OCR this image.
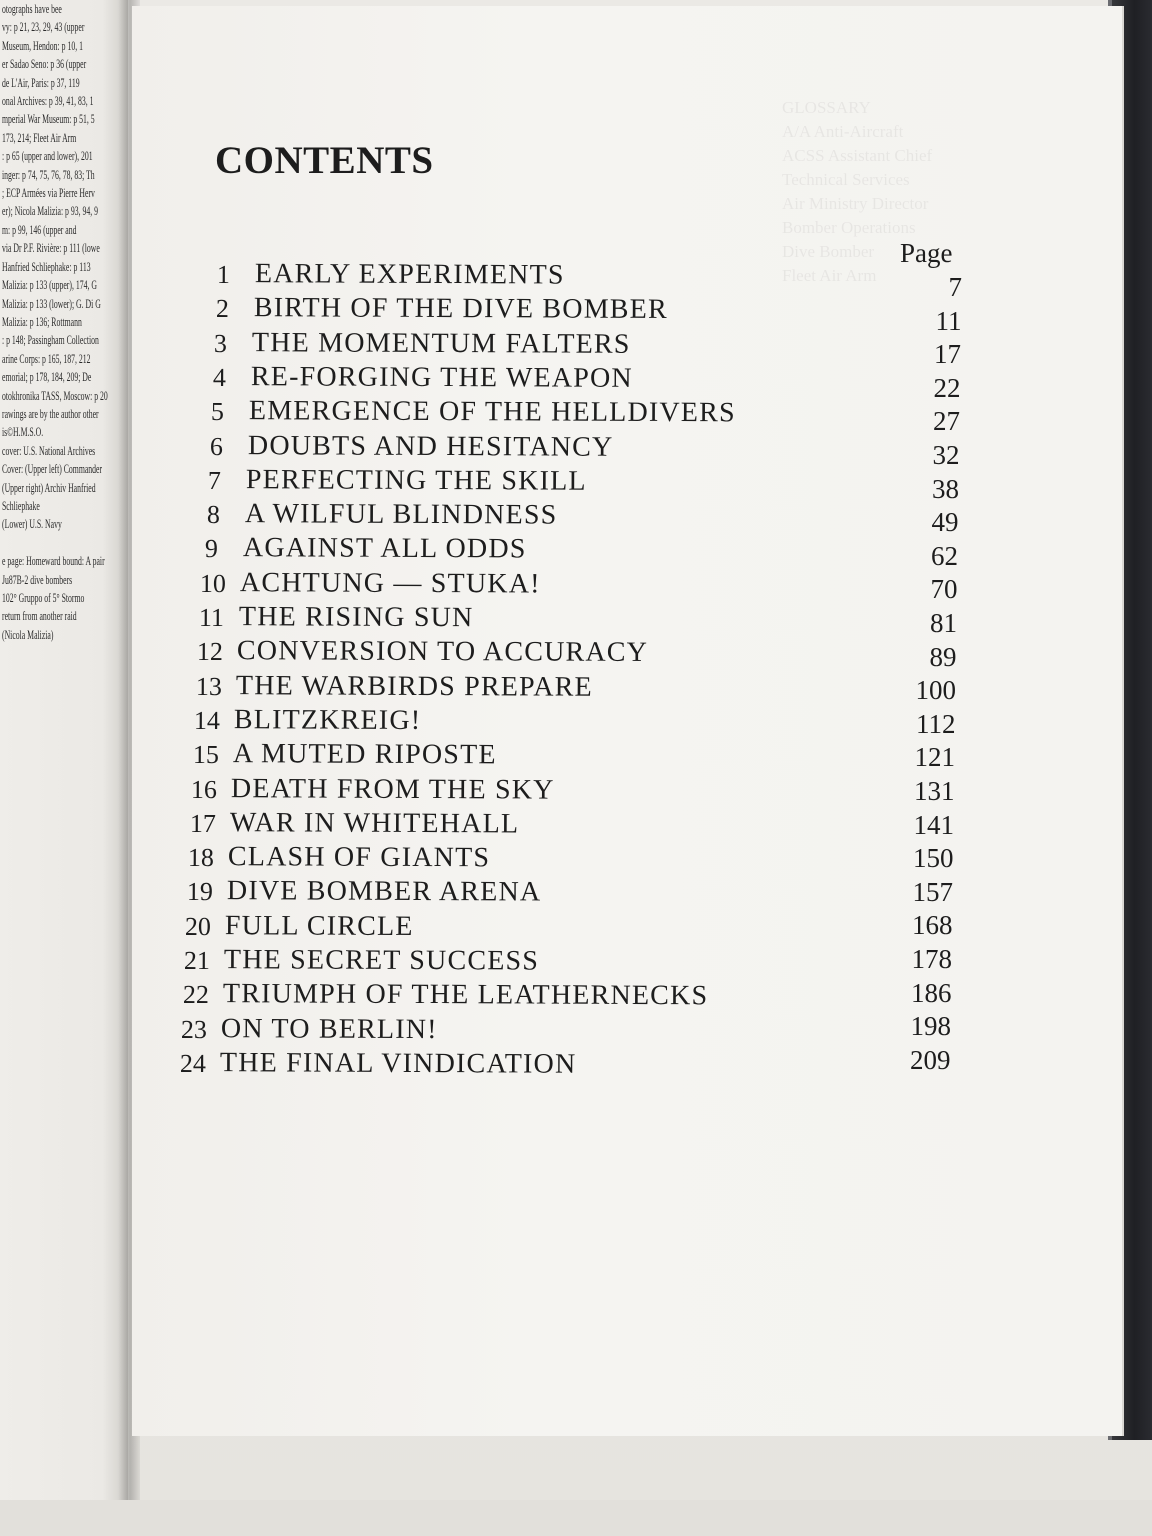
otographs have bee
vy: p 21, 23, 29, 43 (upper
Museum, Hendon: p 10, 1
er Sadao Seno: p 36 (upper
de L'Air, Paris: p 37, 119
onal Archives: p 39, 41, 83, 1
mperial War Museum: p 51, 5
173, 214; Fleet Air Arm
: p 65 (upper and lower), 201
inger: p 74, 75, 76, 78, 83; Th
; ECP Armées via Pierre Herv
er); Nicola Malizia: p 93, 94, 9
m: p 99, 146 (upper and
via Dr P.F. Rivière: p 111 (lowe
Hanfried Schliephake: p 113
Malizia: p 133 (upper), 174, G
Malizia: p 133 (lower); G. Di G
Malizia: p 136; Rottmann
: p 148; Passingham Collection
arine Corps: p 165, 187, 212
emorial; p 178, 184, 209; De
otokhronika TASS, Moscow: p 20
rawings are by the author other
is©H.M.S.O.
cover: U.S. National Archives
Cover: (Upper left) Commander
(Upper right) Archiv Hanfried
Schliephake
(Lower) U.S. Navy

e page: Homeward bound: A pair
Ju87B-2 dive bombers
102° Gruppo of 5° Stormo
return from another raid
(Nicola Malizia)
GLOSSARY
A/A Anti-Aircraft
ACSS Assistant Chief
Technical Services
Air Ministry Director
Bomber Operations
Dive Bomber
Fleet Air Arm
CONTENTS
Page
1 EARLY EXPERIMENTS	7
2 BIRTH OF THE DIVE BOMBER	11
3 THE MOMENTUM FALTERS	17
4 RE-FORGING THE WEAPON	22
5 EMERGENCE OF THE HELLDIVERS	27
6 DOUBTS AND HESITANCY	32
7 PERFECTING THE SKILL	38
8 A WILFUL BLINDNESS	49
9 AGAINST ALL ODDS	62
10 ACHTUNG — STUKA!	70
11 THE RISING SUN	81
12 CONVERSION TO ACCURACY	89
13 THE WARBIRDS PREPARE	100
14 BLITZKREIG!	112
15 A MUTED RIPOSTE	121
16 DEATH FROM THE SKY	131
17 WAR IN WHITEHALL	141
18 CLASH OF GIANTS	150
19 DIVE BOMBER ARENA	157
20 FULL CIRCLE	168
21 THE SECRET SUCCESS	178
22 TRIUMPH OF THE LEATHERNECKS	186
23 ON TO BERLIN!	198
24 THE FINAL VINDICATION	209
